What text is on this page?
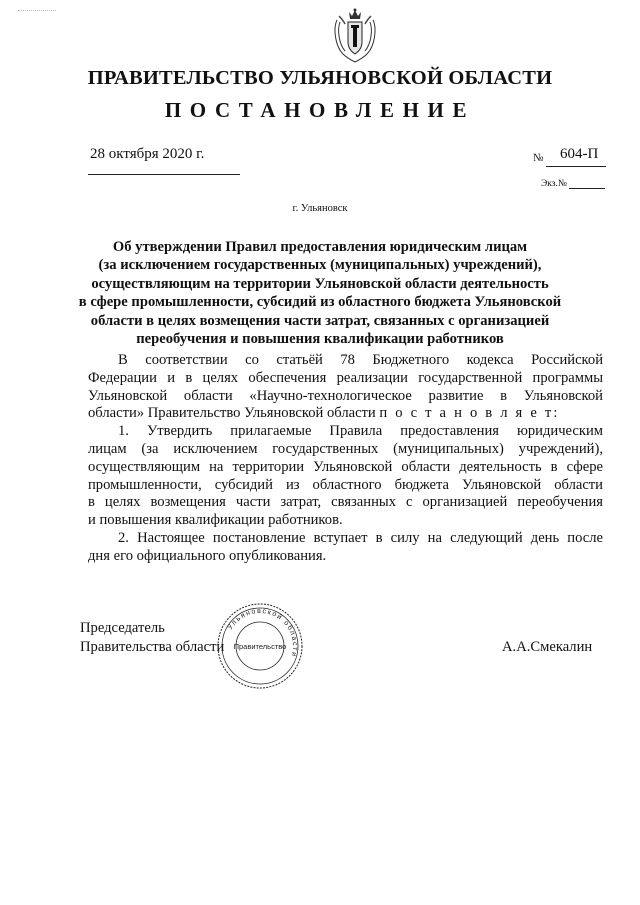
ПРАВИТЕЛЬСТВО УЛЬЯНОВСКОЙ ОБЛАСТИ
ПОСТАНОВЛЕНИЕ
28 октября 2020 г.	№ 604-П
Экз.№
г. Ульяновск
Об утверждении Правил предоставления юридическим лицам
(за исключением государственных (муниципальных) учреждений),
осуществляющим на территории Ульяновской области деятельность
в сфере промышленности, субсидий из областного бюджета Ульяновской
области в целях возмещения части затрат, связанных с организацией
переобучения и повышения квалификации работников
В соответствии со статьёй 78 Бюджетного кодекса Российской
Федерации и в целях обеспечения реализации государственной программы
Ульяновской области «Научно-технологическое развитие в Ульяновской
области» Правительство Ульяновской области п о с т а н о в л я е т:
1. Утвердить прилагаемые Правила предоставления юридическим
лицам (за исключением государственных (муниципальных) учреждений),
осуществляющим на территории Ульяновской области деятельность в сфере
промышленности, субсидий из областного бюджета Ульяновской области
в целях возмещения части затрат, связанных с организацией переобучения
и повышения квалификации работников.
2. Настоящее постановление вступает в силу на следующий день после
дня его официального опубликования.
Председатель
Правительства области	А.А.Смекалин
Ульяновской области
Правительство
